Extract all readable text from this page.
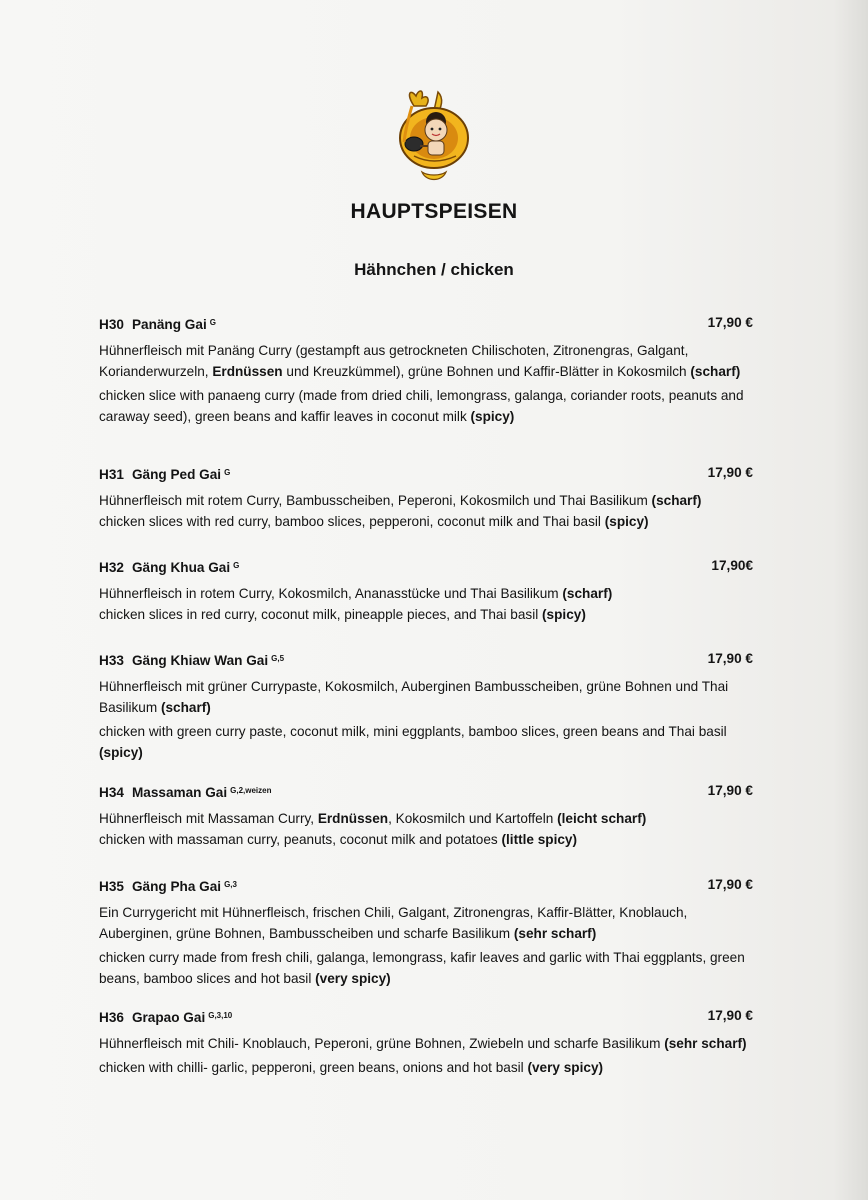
HAUPTSPEISEN
Hähnchen / chicken
H30 Panäng Gai $^G$	17,90 €

Hühnerfleisch mit Panäng Curry (gestampft aus getrockneten Chilischoten, Zitronengras, Galgant, Korianderwurzeln, Erdnüssen und Kreuzkümmel), grüne Bohnen und Kaffir-Blätter in Kokosmilch (scharf)

chicken slice with panaeng curry (made from dried chili, lemongrass, galanga, coriander roots, peanuts and caraway seed), green beans and kaffir leaves in coconut milk (spicy)

H31 Gäng Ped Gai $^G$	17,90 €

Hühnerfleisch mit rotem Curry, Bambusscheiben, Peperoni, Kokosmilch und Thai Basilikum (scharf)

chicken slices with red curry, bamboo slices, pepperoni, coconut milk and Thai basil (spicy)

H32 Gäng Khua Gai $^G$	17,90€

Hühnerfleisch in rotem Curry, Kokosmilch, Ananasstücke und Thai Basilikum (scharf)

chicken slices in red curry, coconut milk, pineapple pieces, and Thai basil (spicy)

H33 Gäng Khiaw Wan Gai $^{G,5}$	17,90 €

Hühnerfleisch mit grüner Currypaste, Kokosmilch, Auberginen Bambusscheiben, grüne Bohnen und Thai Basilikum (scharf)

chicken with green curry paste, coconut milk, mini eggplants, bamboo slices, green beans and Thai basil (spicy)

H34 Massaman Gai $^{G,2,weizen}$	17,90 €

Hühnerfleisch mit Massaman Curry, Erdnüssen, Kokosmilch und Kartoffeln (leicht scharf)

chicken with massaman curry, peanuts, coconut milk and potatoes (little spicy)

H35 Gäng Pha Gai $^{G,3}$	17,90 €

Ein Currygericht mit Hühnerfleisch, frischen Chili, Galgant, Zitronengras, Kaffir-Blätter, Knoblauch, Auberginen, grüne Bohnen, Bambusscheiben und scharfe Basilikum (sehr scharf)

chicken curry made from fresh chili, galanga, lemongrass, kafir leaves and garlic with Thai eggplants, green beans, bamboo slices and hot basil (very spicy)

H36 Grapao Gai $^{G,3,10}$	17,90 €

Hühnerfleisch mit Chili- Knoblauch, Peperoni, grüne Bohnen, Zwiebeln und scharfe Basilikum (sehr scharf)

chicken with chilli- garlic, pepperoni, green beans, onions and hot basil (very spicy)
